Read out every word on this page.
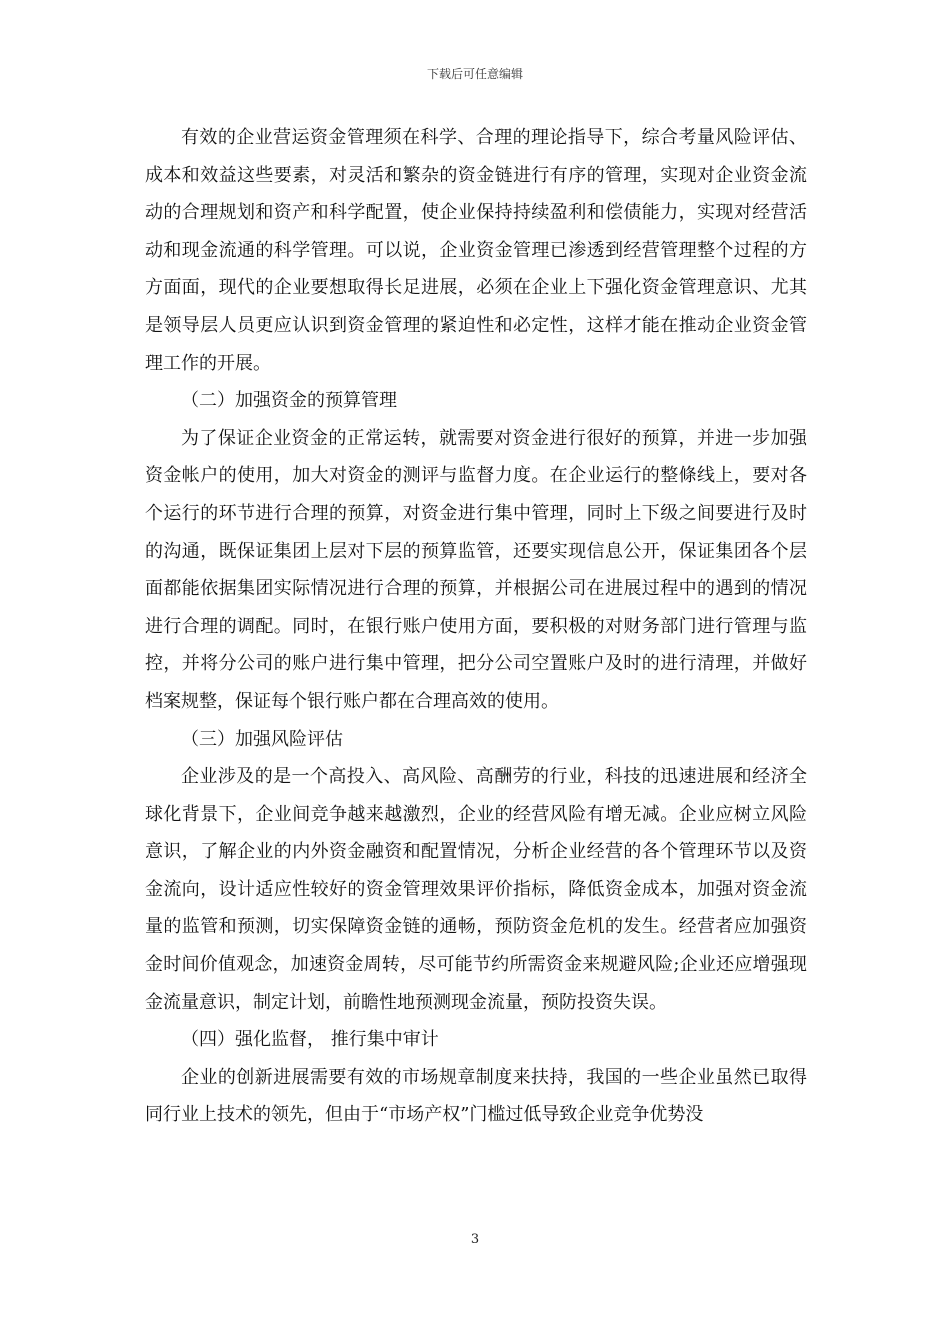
下载后可任意编辑

有效的企业营运资金管理须在科学、合理的理论指导下，综合考量风险评估、成本和效益这些要素，对灵活和繁杂的资金链进行有序的管理，实现对企业资金流动的合理规划和资产和科学配置，使企业保持持续盈利和偿债能力，实现对经营活动和现金流通的科学管理。可以说，企业资金管理已渗透到经营管理整个过程的方方面面，现代的企业要想取得长足进展，必须在企业上下强化资金管理意识、尤其是领导层人员更应认识到资金管理的紧迫性和必定性，这样才能在推动企业资金管理工作的开展。

（二）加强资金的预算管理

为了保证企业资金的正常运转，就需要对资金进行很好的预算，并进一步加强资金帐户的使用，加大对资金的测评与监督力度。在企业运行的整條线上，要对各个运行的环节进行合理的预算，对资金进行集中管理，同时上下级之间要进行及时的沟通，既保证集团上层对下层的预算监管，还要实现信息公开，保证集团各个层面都能依据集团实际情况进行合理的预算，并根据公司在进展过程中的遇到的情况进行合理的调配。同时，在银行账户使用方面，要积极的对财务部门进行管理与监控，并将分公司的账户进行集中管理，把分公司空置账户及时的进行清理，并做好档案规整，保证每个银行账户都在合理高效的使用。

（三）加强风险评估

企业涉及的是一个高投入、高风险、高酬劳的行业，科技的迅速进展和经济全球化背景下，企业间竞争越来越激烈，企业的经营风险有增无减。企业应树立风险意识，了解企业的内外资金融资和配置情况，分析企业经营的各个管理环节以及资金流向，设计适应性较好的资金管理效果评价指标，降低资金成本，加强对资金流量的监管和预测，切实保障资金链的通畅，预防资金危机的发生。经营者应加强资金时间价值观念，加速资金周转，尽可能节约所需资金来规避风险;企业还应增强现金流量意识，制定计划，前瞻性地预测现金流量，预防投资失误。

（四）强化监督， 推行集中审计

企业的创新进展需要有效的市场规章制度来扶持，我国的一些企业虽然已取得同行业上技术的领先，但由于“市场产权”门槛过低导致企业竞争优势没

3
